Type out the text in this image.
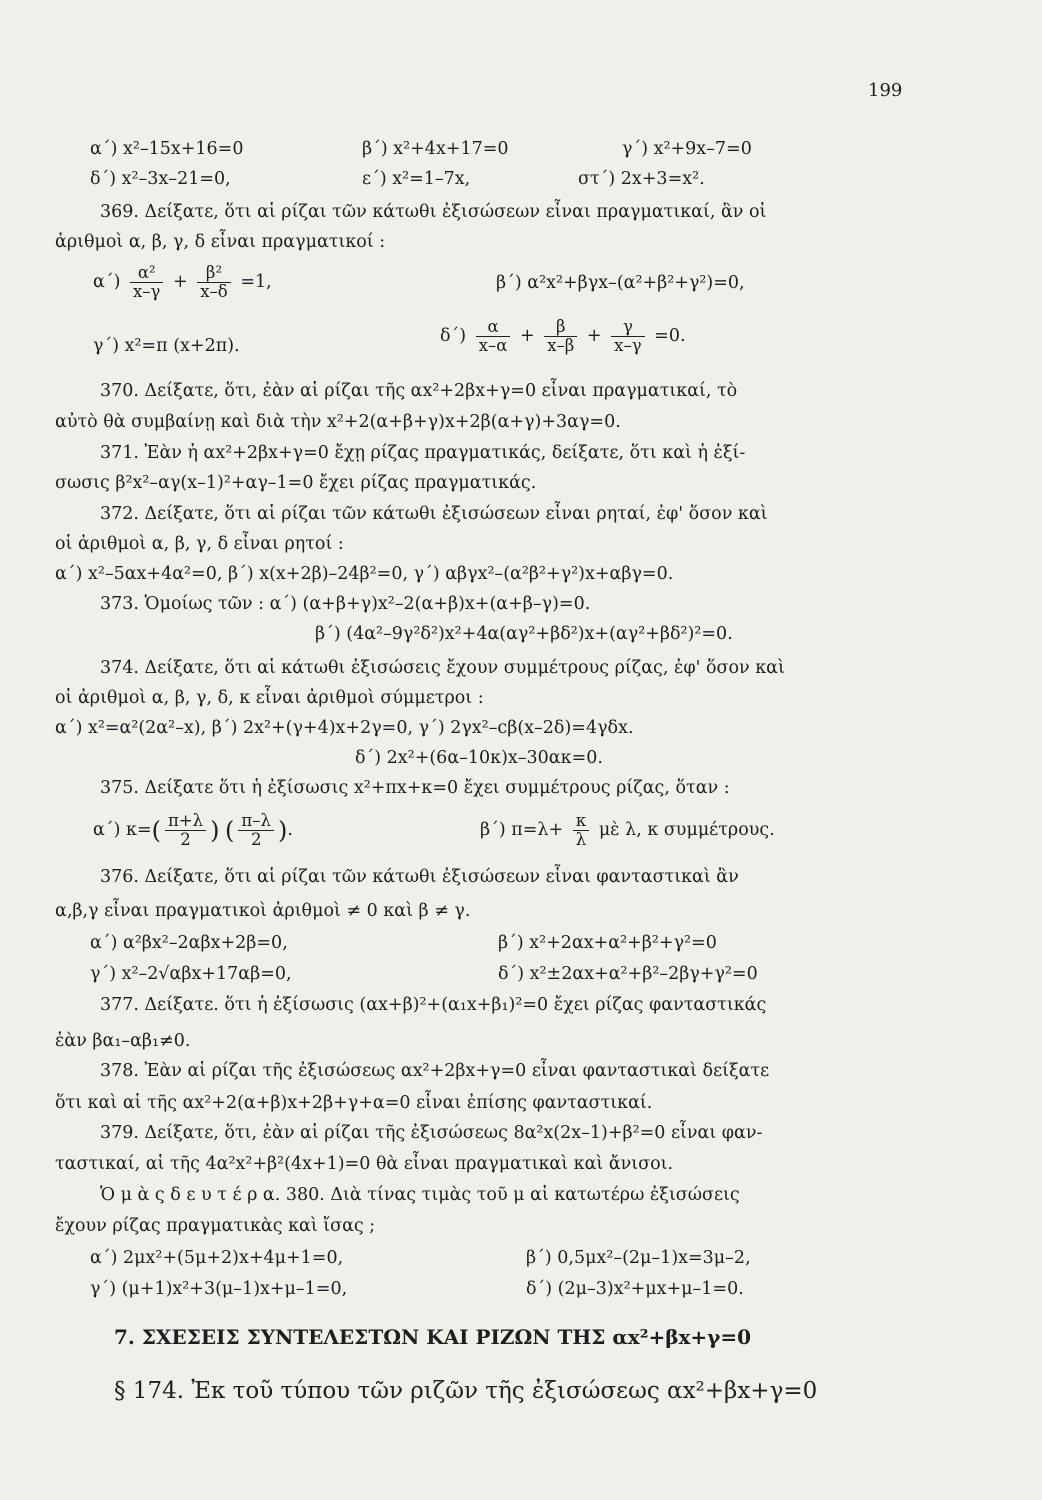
199
α΄) x²–15x+16=0	β΄) x²+4x+17=0	γ΄) x²+9x–7=0
δ΄) x²–3x–21=0,	ε΄) x²=1–7x,	στ΄) 2x+3=x².
369. Δείξατε, ὅτι αἱ ρίζαι τῶν κάτωθι ἐξισώσεων εἶναι πραγματικαί, ἂν οἱ
ἀριθμοὶ α, β, γ, δ εἶναι πραγματικοί :
$\alpha΄) \frac{\text{α²}}{x-\gamma} + \frac{\text{β²}}{x-\delta} =1$,	β΄) α²x²+βγx–(α²+β²+γ²)=0,
γ΄) x²=π (x+2π).	$\delta΄) \frac{\alpha}{x-\alpha} + \frac{\beta}{x-\beta} + \frac{\gamma}{x-\gamma} =0$.
370. Δείξατε, ὅτι, ἐὰν αἱ ρίζαι τῆς αx²+2βx+γ=0 εἶναι πραγματικαί, τὸ
αὐτὸ θὰ συμβαίνῃ καὶ διὰ τὴν x²+2(α+β+γ)x+2β(α+γ)+3αγ=0.
371. Ἐὰν ἡ αx²+2βx+γ=0 ἔχῃ ρίζας πραγματικάς, δείξατε, ὅτι καὶ ἡ ἐξί-
σωσις β²x²–αγ(x–1)²+αγ–1=0 ἔχει ρίζας πραγματικάς.
372. Δείξατε, ὅτι αἱ ρίζαι τῶν κάτωθι ἐξισώσεων εἶναι ρηταί, ἐφ' ὅσον καὶ
οἱ ἀριθμοὶ α, β, γ, δ εἶναι ρητοί :
α΄) x²–5αx+4α²=0, β΄) x(x+2β)–24β²=0, γ΄) αβγx²–(α²β²+γ²)x+αβγ=0.
373. Ὁμοίως τῶν : α΄) (α+β+γ)x²–2(α+β)x+(α+β–γ)=0.
β΄) (4α²–9γ²δ²)x²+4α(αγ²+βδ²)x+(αγ²+βδ²)²=0.
374. Δείξατε, ὅτι αἱ κάτωθι ἐξισώσεις ἔχουν συμμέτρους ρίζας, ἐφ' ὅσον καὶ
οἱ ἀριθμοὶ α, β, γ, δ, κ εἶναι ἀριθμοὶ σύμμετροι :
α΄) x²=α²(2α²–x), β΄) 2x²+(γ+4)x+2γ=0, γ΄) 2γx²–cβ(x–2δ)=4γδx.
δ΄) 2x²+(6α–10κ)x–30ακ=0.
375. Δείξατε ὅτι ἡ ἐξίσωσις x²+πx+κ=0 ἔχει συμμέτρους ρίζας, ὅταν :
α΄) $\kappa=( \frac{\pi+\lambda}{2}$ ) ( $\frac{\pi-\lambda}{2}$ ).	β΄) $\pi=\lambda+ \frac{\kappa}{\lambda}$ μὲ λ, κ συμμέτρους.
376. Δείξατε, ὅτι αἱ ρίζαι τῶν κάτωθι ἐξισώσεων εἶναι φανταστικαὶ ἂν
α,β,γ εἶναι πραγματικοὶ ἀριθμοὶ ≠ 0 καὶ β ≠ γ.
α΄) α²βx²–2αβx+2β=0,	β΄) x²+2αx+α²+β²+γ²=0
γ΄) x²–2√αβx+17αβ=0,	δ΄) x²±2αx+α²+β²–2βγ+γ²=0
377. Δείξατε. ὅτι ἡ ἐξίσωσις (αx+β)²+(α₁x+β₁)²=0 ἔχει ρίζας φανταστικάς
ἐὰν βα₁–αβ₁≠0.
378. Ἐὰν αἱ ρίζαι τῆς ἐξισώσεως αx²+2βx+γ=0 εἶναι φανταστικαὶ δείξατε
ὅτι καὶ αἱ τῆς αx²+2(α+β)x+2β+γ+α=0 εἶναι ἐπίσης φανταστικαί.
379. Δείξατε, ὅτι, ἐὰν αἱ ρίζαι τῆς ἐξισώσεως 8α²x(2x–1)+β²=0 εἶναι φαν-
ταστικαί, αἱ τῆς 4α²x²+β²(4x+1)=0 θὰ εἶναι πραγματικαὶ καὶ ἄνισοι.
Ὁ μ ὰ ς δ ε υ τ έ ρ α. 380. Διὰ τίνας τιμὰς τοῦ μ αἱ κατωτέρω ἐξισώσεις
ἔχουν ρίζας πραγματικὰς καὶ ἴσας ;
α΄) 2μx²+(5μ+2)x+4μ+1=0,	β΄) 0,5μx²–(2μ–1)x=3μ–2,
γ΄) (μ+1)x²+3(μ–1)x+μ–1=0,	δ΄) (2μ–3)x²+μx+μ–1=0.
7. ΣΧΕΣΕΙΣ ΣΥΝΤΕΛΕΣΤΩΝ ΚΑΙ ΡΙΖΩΝ ΤΗΣ αx²+βx+γ=0
§ 174. Ἐκ τοῦ τύπου τῶν ριζῶν τῆς ἐξισώσεως αx²+βx+γ=0
